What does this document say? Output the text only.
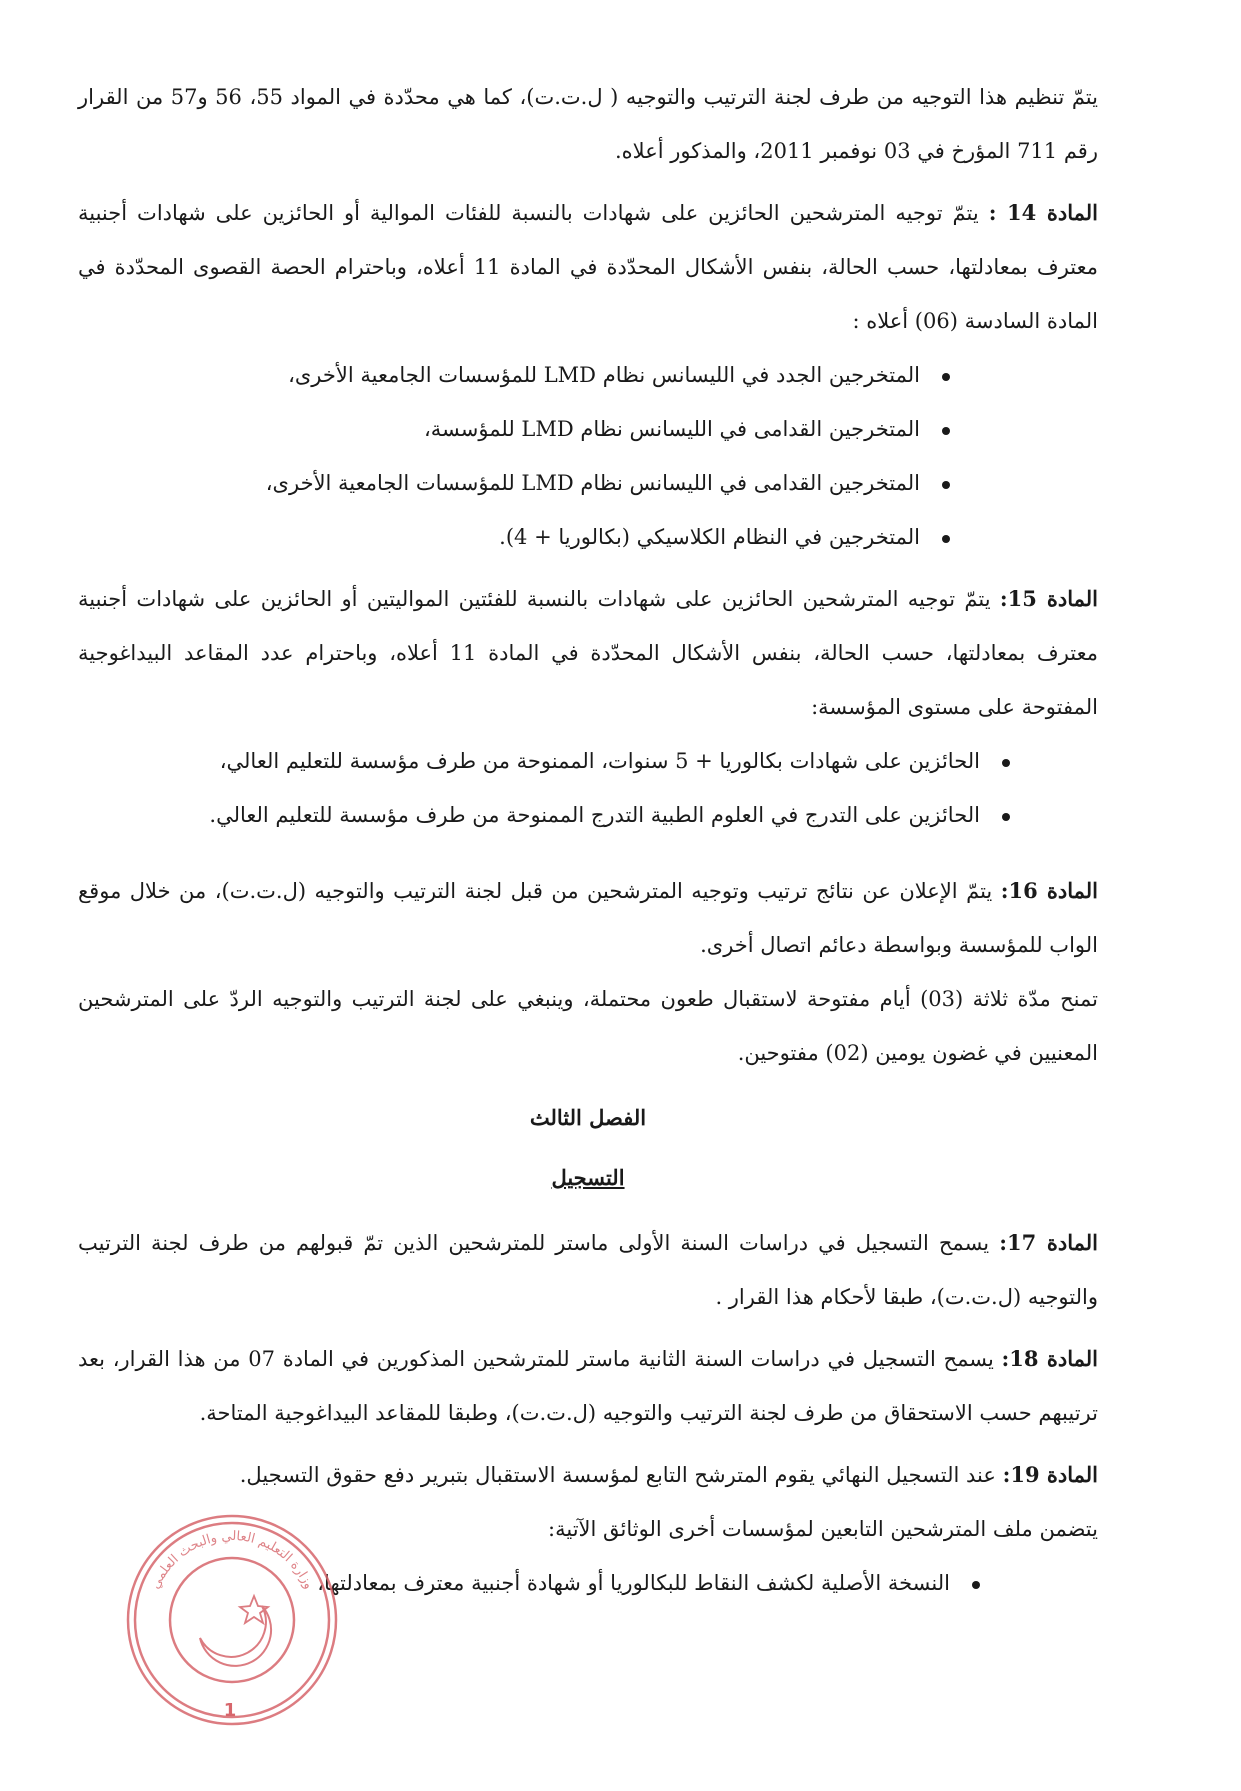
يتمّ تنظيم هذا التوجيه من طرف لجنة الترتيب والتوجيه ( ل.ت.ت)، كما هي محدّدة في المواد 55، 56 و57 من القرار رقم 711 المؤرخ في 03 نوفمبر 2011، والمذكور أعلاه.

المادة 14 : يتمّ توجيه المترشحين الحائزين على شهادات بالنسبة للفئات الموالية أو الحائزين على شهادات أجنبية معترف بمعادلتها، حسب الحالة، بنفس الأشكال المحدّدة في المادة 11 أعلاه، وباحترام الحصة القصوى المحدّدة في المادة السادسة (06) أعلاه :

المتخرجين الجدد في الليسانس نظام LMD للمؤسسات الجامعية الأخرى،
المتخرجين القدامى في الليسانس نظام LMD للمؤسسة،
المتخرجين القدامى في الليسانس نظام LMD للمؤسسات الجامعية الأخرى،
المتخرجين في النظام الكلاسيكي (بكالوريا + 4).

المادة 15: يتمّ توجيه المترشحين الحائزين على شهادات بالنسبة للفئتين المواليتين أو الحائزين على شهادات أجنبية معترف بمعادلتها، حسب الحالة، بنفس الأشكال المحدّدة في المادة 11 أعلاه، وباحترام عدد المقاعد البيداغوجية المفتوحة على مستوى المؤسسة:

الحائزين على شهادات بكالوريا + 5 سنوات، الممنوحة من طرف مؤسسة للتعليم العالي،
الحائزين على التدرج في العلوم الطبية التدرج الممنوحة من طرف مؤسسة للتعليم العالي.

المادة 16: يتمّ الإعلان عن نتائج ترتيب وتوجيه المترشحين من قبل لجنة الترتيب والتوجيه (ل.ت.ت)، من خلال موقع الواب للمؤسسة وبواسطة دعائم اتصال أخرى.

تمنح مدّة ثلاثة (03) أيام مفتوحة لاستقبال طعون محتملة، وينبغي على لجنة الترتيب والتوجيه الردّ على المترشحين المعنيين في غضون يومين (02) مفتوحين.

الفصل الثالث
التسجيل

المادة 17: يسمح التسجيل في دراسات السنة الأولى ماستر للمترشحين الذين تمّ قبولهم من طرف لجنة الترتيب والتوجيه (ل.ت.ت)، طبقا لأحكام هذا القرار .

المادة 18: يسمح التسجيل في دراسات السنة الثانية ماستر للمترشحين المذكورين في المادة 07 من هذا القرار، بعد ترتيبهم حسب الاستحقاق من طرف لجنة الترتيب والتوجيه (ل.ت.ت)، وطبقا للمقاعد البيداغوجية المتاحة.

المادة 19: عند التسجيل النهائي يقوم المترشح التابع لمؤسسة الاستقبال بتبرير دفع حقوق التسجيل.

يتضمن ملف المترشحين التابعين لمؤسسات أخرى الوثائق الآتية:

النسخة الأصلية لكشف النقاط للبكالوريا أو شهادة أجنبية معترف بمعادلتها،
وزارة التعليم العالي والبحث العلمي
1
